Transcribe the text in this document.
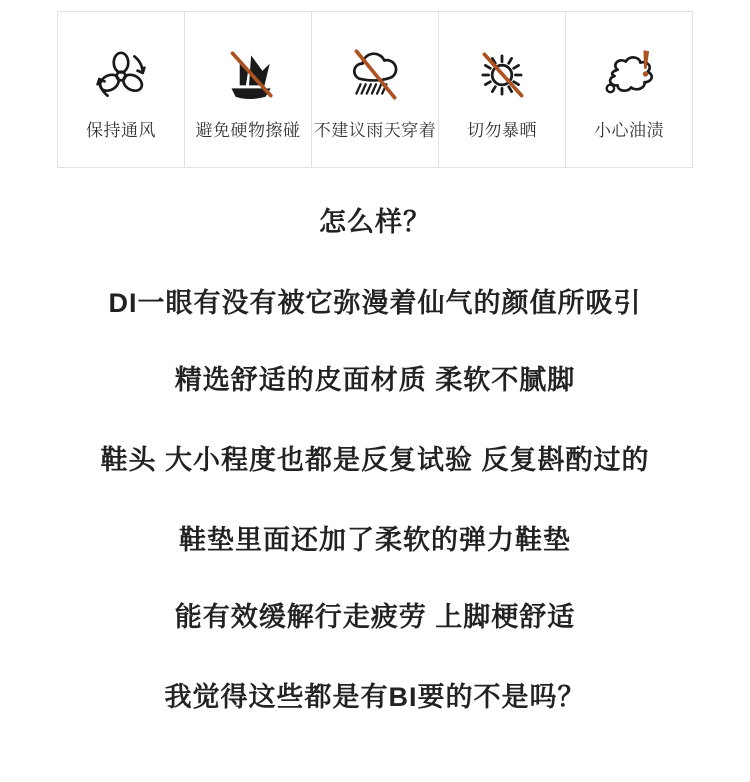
保持通风 避免硬物擦碰 不建议雨天穿着 切勿暴晒	小心油渍
怎么样？
DI一眼有没有被它弥漫着仙气的颜值所吸引
精选舒适的皮面材质 柔软不腻脚
鞋头 大小程度也都是反复试验 反复斟酌过的
鞋垫里面还加了柔软的弹力鞋垫
能有效缓解行走疲劳 上脚梗舒适
我觉得这些都是有BI要的不是吗？
